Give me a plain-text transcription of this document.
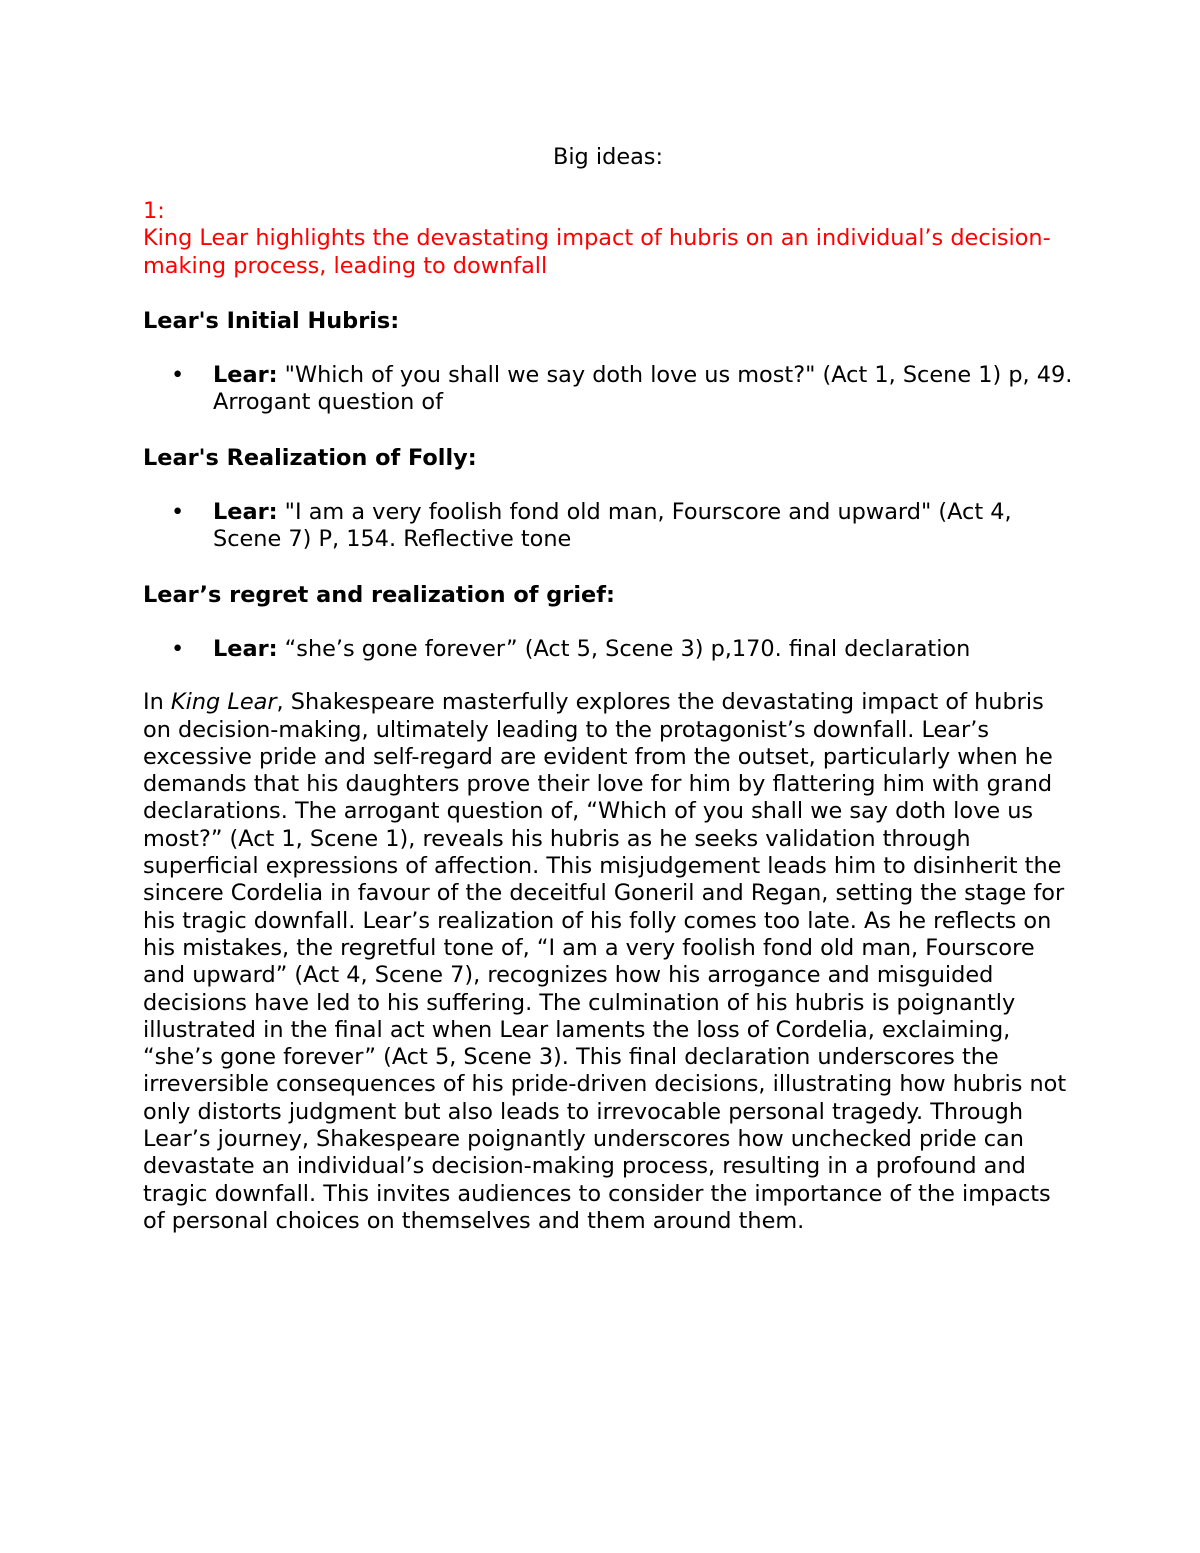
Big ideas:

1:
King Lear highlights the devastating impact of hubris on an individual’s decision- making process, leading to downfall

Lear's Initial Hubris:

• Lear: "Which of you shall we say doth love us most?" (Act 1, Scene 1) p, 49. Arrogant question of

Lear's Realization of Folly:

• Lear: "I am a very foolish fond old man, Fourscore and upward" (Act 4, Scene 7) P, 154. Reflective tone

Lear’s regret and realization of grief:

• Lear: “she’s gone forever” (Act 5, Scene 3) p,170. final declaration

In King Lear, Shakespeare masterfully explores the devastating impact of hubris on decision-making, ultimately leading to the protagonist’s downfall. Lear’s excessive pride and self-regard are evident from the outset, particularly when he demands that his daughters prove their love for him by flattering him with grand declarations. The arrogant question of, “Which of you shall we say doth love us most?” (Act 1, Scene 1), reveals his hubris as he seeks validation through superficial expressions of affection. This misjudgement leads him to disinherit the sincere Cordelia in favour of the deceitful Goneril and Regan, setting the stage for his tragic downfall. Lear’s realization of his folly comes too late. As he reflects on his mistakes, the regretful tone of, “I am a very foolish fond old man, Fourscore and upward” (Act 4, Scene 7), recognizes how his arrogance and misguided decisions have led to his suffering. The culmination of his hubris is poignantly illustrated in the final act when Lear laments the loss of Cordelia, exclaiming, “she’s gone forever” (Act 5, Scene 3). This final declaration underscores the irreversible consequences of his pride-driven decisions, illustrating how hubris not only distorts judgment but also leads to irrevocable personal tragedy. Through Lear’s journey, Shakespeare poignantly underscores how unchecked pride can devastate an individual’s decision-making process, resulting in a profound and tragic downfall. This invites audiences to consider the importance of the impacts of personal choices on themselves and them around them.
